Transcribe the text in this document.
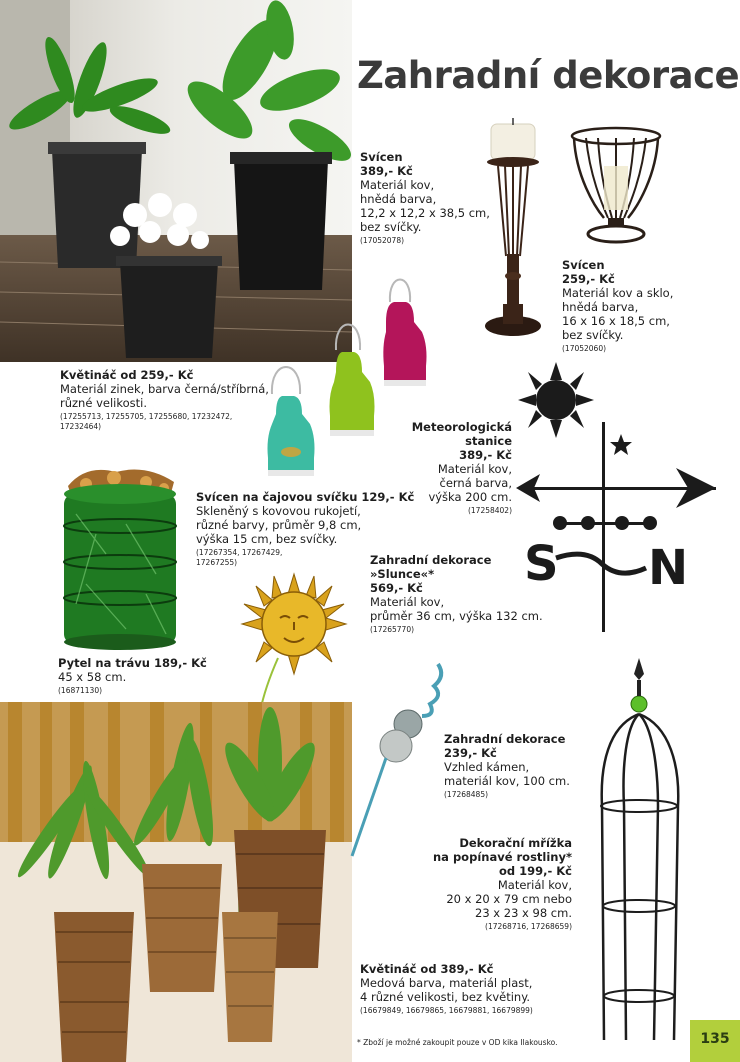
Zahradní dekorace
Svícen
389,- Kč
Materiál kov,
hnědá barva,
12,2 x 12,2 x 38,5 cm,
bez svíčky.
(17052078)
Svícen
259,- Kč
Materiál kov a sklo,
hnědá barva,
16 x 16 x 18,5 cm,
bez svíčky.
(17052060)
Květináč od 259,- Kč
Materiál zinek, barva černá/stříbrná,
různé velikosti.
(17255713, 17255705, 17255680, 17232472,
17232464)	Meteorologická
stanice
389,- Kč
Materiál kov,
černá barva,
výška 200 cm.
(17258402)
S N
Svícen na čajovou svíčku 129,- Kč
Skleněný s kovovou rukojetí,
různé barvy, průměr 9,8 cm,
výška 15 cm, bez svíčky.
(17267354, 17267429,
17267255)	Zahradní dekorace
»Slunce«*
569,- Kč
Materiál kov,
průměr 36 cm, výška 132 cm.
(17265770)
Pytel na trávu 189,- Kč
45 x 58 cm.
(16871130)
Zahradní dekorace
239,- Kč
Vzhled kámen,
materiál kov, 100 cm.
(17268485)
Dekorační mřížka
na popínavé rostliny*
od 199,- Kč
Materiál kov,
20 x 20 x 79 cm nebo
23 x 23 x 98 cm.
(17268716, 17268659)
Květináč od 389,- Kč
Medová barva, materiál plast,
4 různé velikosti, bez květiny.
(16679849, 16679865, 16679881, 16679899)
* Zboží je možné zakoupit pouze v OD kika Ilakousko.	135
